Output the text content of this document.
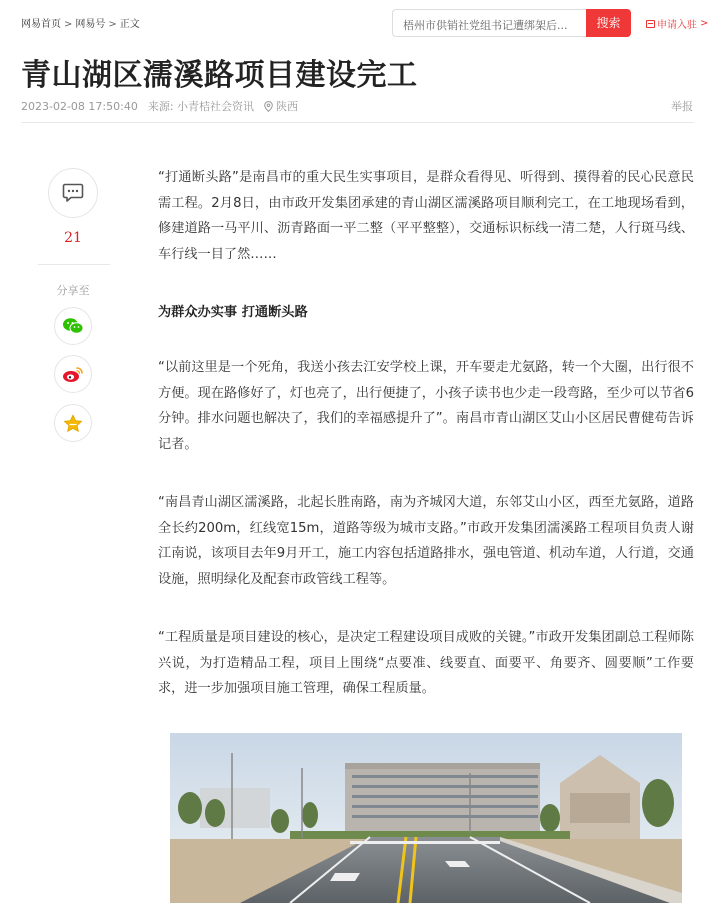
网易首页 > 网易号 > 正文	梧州市供销社党组书记遭绑架后...	搜索	申请入驻 >
青山湖区濡溪路项目建设完工
2023-02-08 17:50:40 来源: 小青桔社会资讯 陕西	举报
21
分享至

“打通断头路”是南昌市的重大民生实事项目，是群众看得见、听得到、摸得着的民心民意民需工程。2月8日，由市政开发集团承建的青山湖区濡溪路项目顺利完工，在工地现场看到，修建道路一马平川、沥青路面一平二整（平平整整），交通标识标线一清二楚，人行斑马线、车行线一目了然……

为群众办实事 打通断头路

“以前这里是一个死角，我送小孩去江安学校上课，开车要走尤氨路，转一个大圈，出行很不方便。现在路修好了，灯也亮了，出行便捷了，小孩子读书也少走一段弯路，至少可以节省6分钟。排水问题也解决了，我们的幸福感提升了”。南昌市青山湖区艾山小区居民曹健苟告诉记者。

“南昌青山湖区濡溪路，北起长胜南路，南为齐城冈大道，东邻艾山小区，西至尤氨路，道路全长约200m，红线宽15m，道路等级为城市支路。”市政开发集团濡溪路工程项目负责人谢江南说，该项目去年9月开工，施工内容包括道路排水，强电管道、机动车道，人行道，交通设施，照明绿化及配套市政管线工程等。

“工程质量是项目建设的核心，是决定工程建设项目成败的关键。”市政开发集团副总工程师陈兴说，为打造精品工程，项目上围绕“点要准、线要直、面要平、角要齐、圆要顺”工作要求，进一步加强项目施工管理，确保工程质量。
